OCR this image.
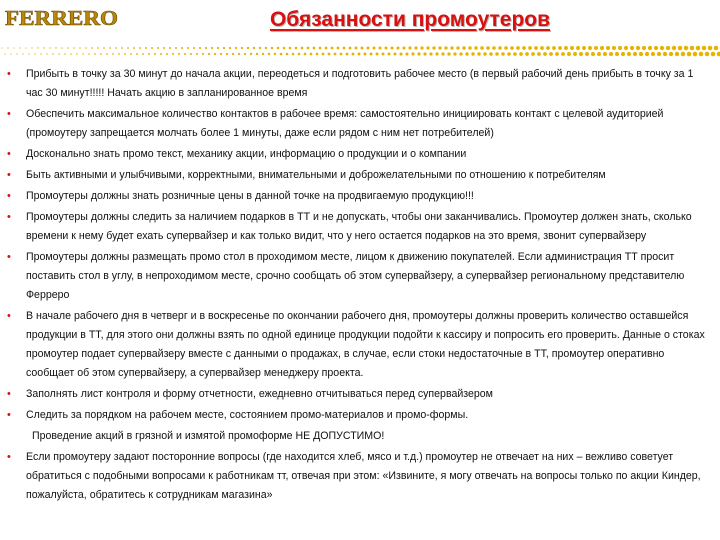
FERRERO	Обязанности промоутеров
• Прибыть в точку за 30 минут до начала акции, переодеться и подготовить рабочее место (в первый рабочий день прибыть в точку за 1 час 30 минут!!!!! Начать акцию в запланированное время
• Обеспечить максимальное количество контактов в рабочее время: самостоятельно инициировать контакт с целевой аудиторией (промоутеру запрещается молчать более 1 минуты, даже если рядом с ним нет потребителей)
• Досконально знать промо текст, механику акции, информацию о продукции и о компании
• Быть активными и улыбчивыми, корректными, внимательными и доброжелательными по отношению к потребителям
• Промоутеры должны знать розничные цены в данной точке на продвигаемую продукцию!!!
• Промоутеры должны следить за наличием подарков в ТТ и не допускать, чтобы они заканчивались. Промоутер должен знать, сколько времени к нему будет ехать супервайзер и как только видит, что у него остается подарков на это время, звонит супервайзеру
• Промоутеры должны размещать промо стол в проходимом месте, лицом к движению покупателей. Если администрация ТТ просит поставить стол в углу, в непроходимом месте, срочно сообщать об этом супервайзеру, а супервайзер региональному представителю Ферреро
• В начале рабочего дня в четверг и в воскресенье по окончании рабочего дня, промоутеры должны проверить количество оставшейся продукции в ТТ, для этого они должны взять по одной единице продукции подойти к кассиру и попросить его проверить. Данные о стоках промоутер подает супервайзеру вместе с данными о продажах, в случае, если стоки недостаточные в ТТ, промоутер оперативно сообщает об этом супервайзеру, а супервайзер менеджеру проекта.
• Заполнять лист контроля и форму отчетности, ежедневно отчитываться перед супервайзером
• Следить за порядком на рабочем месте, состоянием промо-материалов и промо-формы.
Проведение акций в грязной и измятой промоформе НЕ ДОПУСТИМО!
• Если промоутеру задают посторонние вопросы (где находится хлеб, мясо и т.д.) промоутер не отвечает на них – вежливо советует обратиться с подобными вопросами к работникам тт, отвечая при этом: «Извините, я могу отвечать на вопросы только по акции Киндер, пожалуйста, обратитесь к сотрудникам магазина»
